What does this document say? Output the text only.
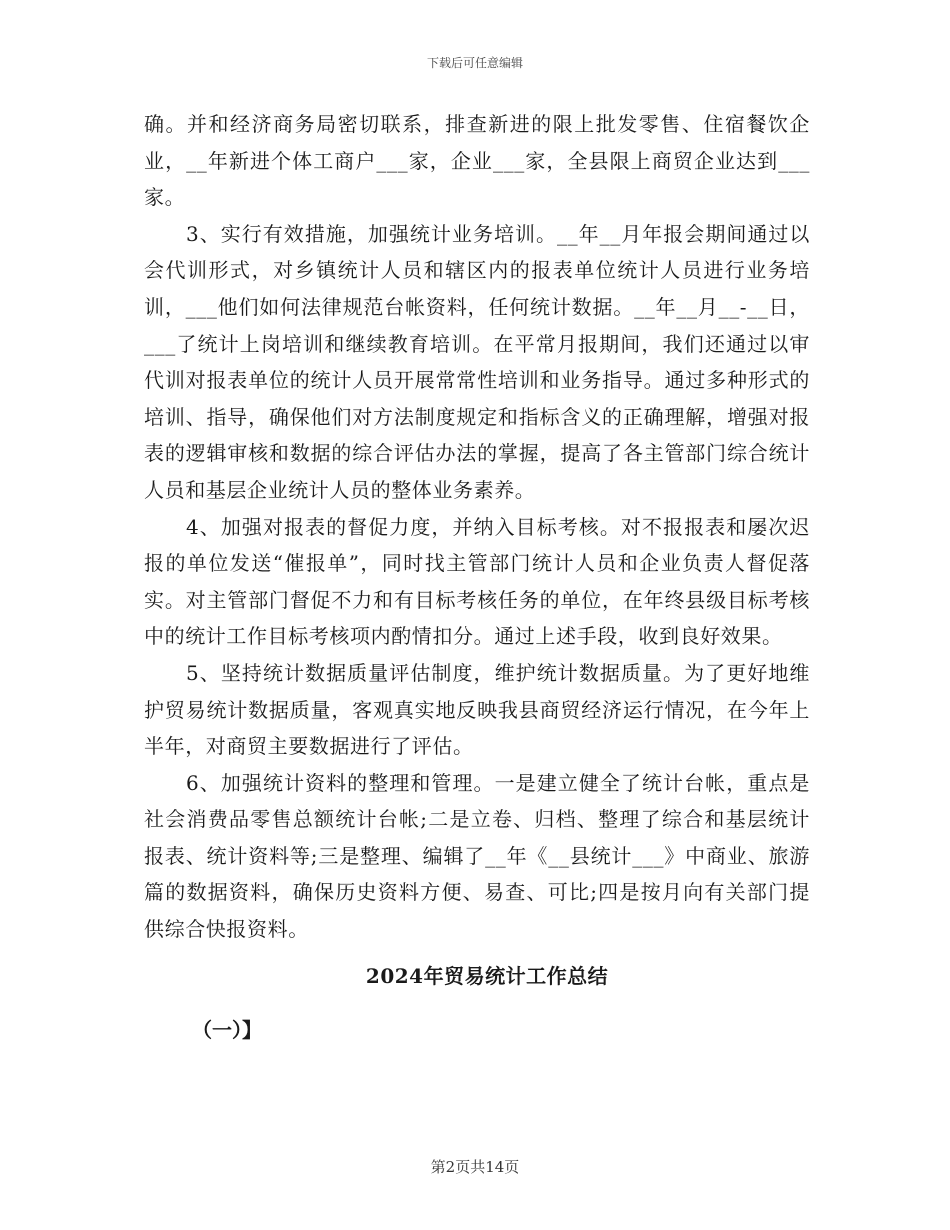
下载后可任意编辑

确。并和经济商务局密切联系，排查新进的限上批发零售、住宿餐饮企业，__年新进个体工商户___家，企业___家，全县限上商贸企业达到___家。

3、实行有效措施，加强统计业务培训。__年__月年报会期间通过以会代训形式，对乡镇统计人员和辖区内的报表单位统计人员进行业务培训，___他们如何法律规范台帐资料，任何统计数据。__年__月__-__日，___了统计上岗培训和继续教育培训。在平常月报期间，我们还通过以审代训对报表单位的统计人员开展常常性培训和业务指导。通过多种形式的培训、指导，确保他们对方法制度规定和指标含义的正确理解，增强对报表的逻辑审核和数据的综合评估办法的掌握，提高了各主管部门综合统计人员和基层企业统计人员的整体业务素养。

4、加强对报表的督促力度，并纳入目标考核。对不报报表和屡次迟报的单位发送“催报单”，同时找主管部门统计人员和企业负责人督促落实。对主管部门督促不力和有目标考核任务的单位，在年终县级目标考核中的统计工作目标考核项内酌情扣分。通过上述手段，收到良好效果。

5、坚持统计数据质量评估制度，维护统计数据质量。为了更好地维护贸易统计数据质量，客观真实地反映我县商贸经济运行情况，在今年上半年，对商贸主要数据进行了评估。

6、加强统计资料的整理和管理。一是建立健全了统计台帐，重点是社会消费品零售总额统计台帐;二是立卷、归档、整理了综合和基层统计报表、统计资料等;三是整理、编辑了__年《__县统计___》中商业、旅游篇的数据资料，确保历史资料方便、易查、可比;四是按月向有关部门提供综合快报资料。

2024年贸易统计工作总结
（一）】
第2页共14页
